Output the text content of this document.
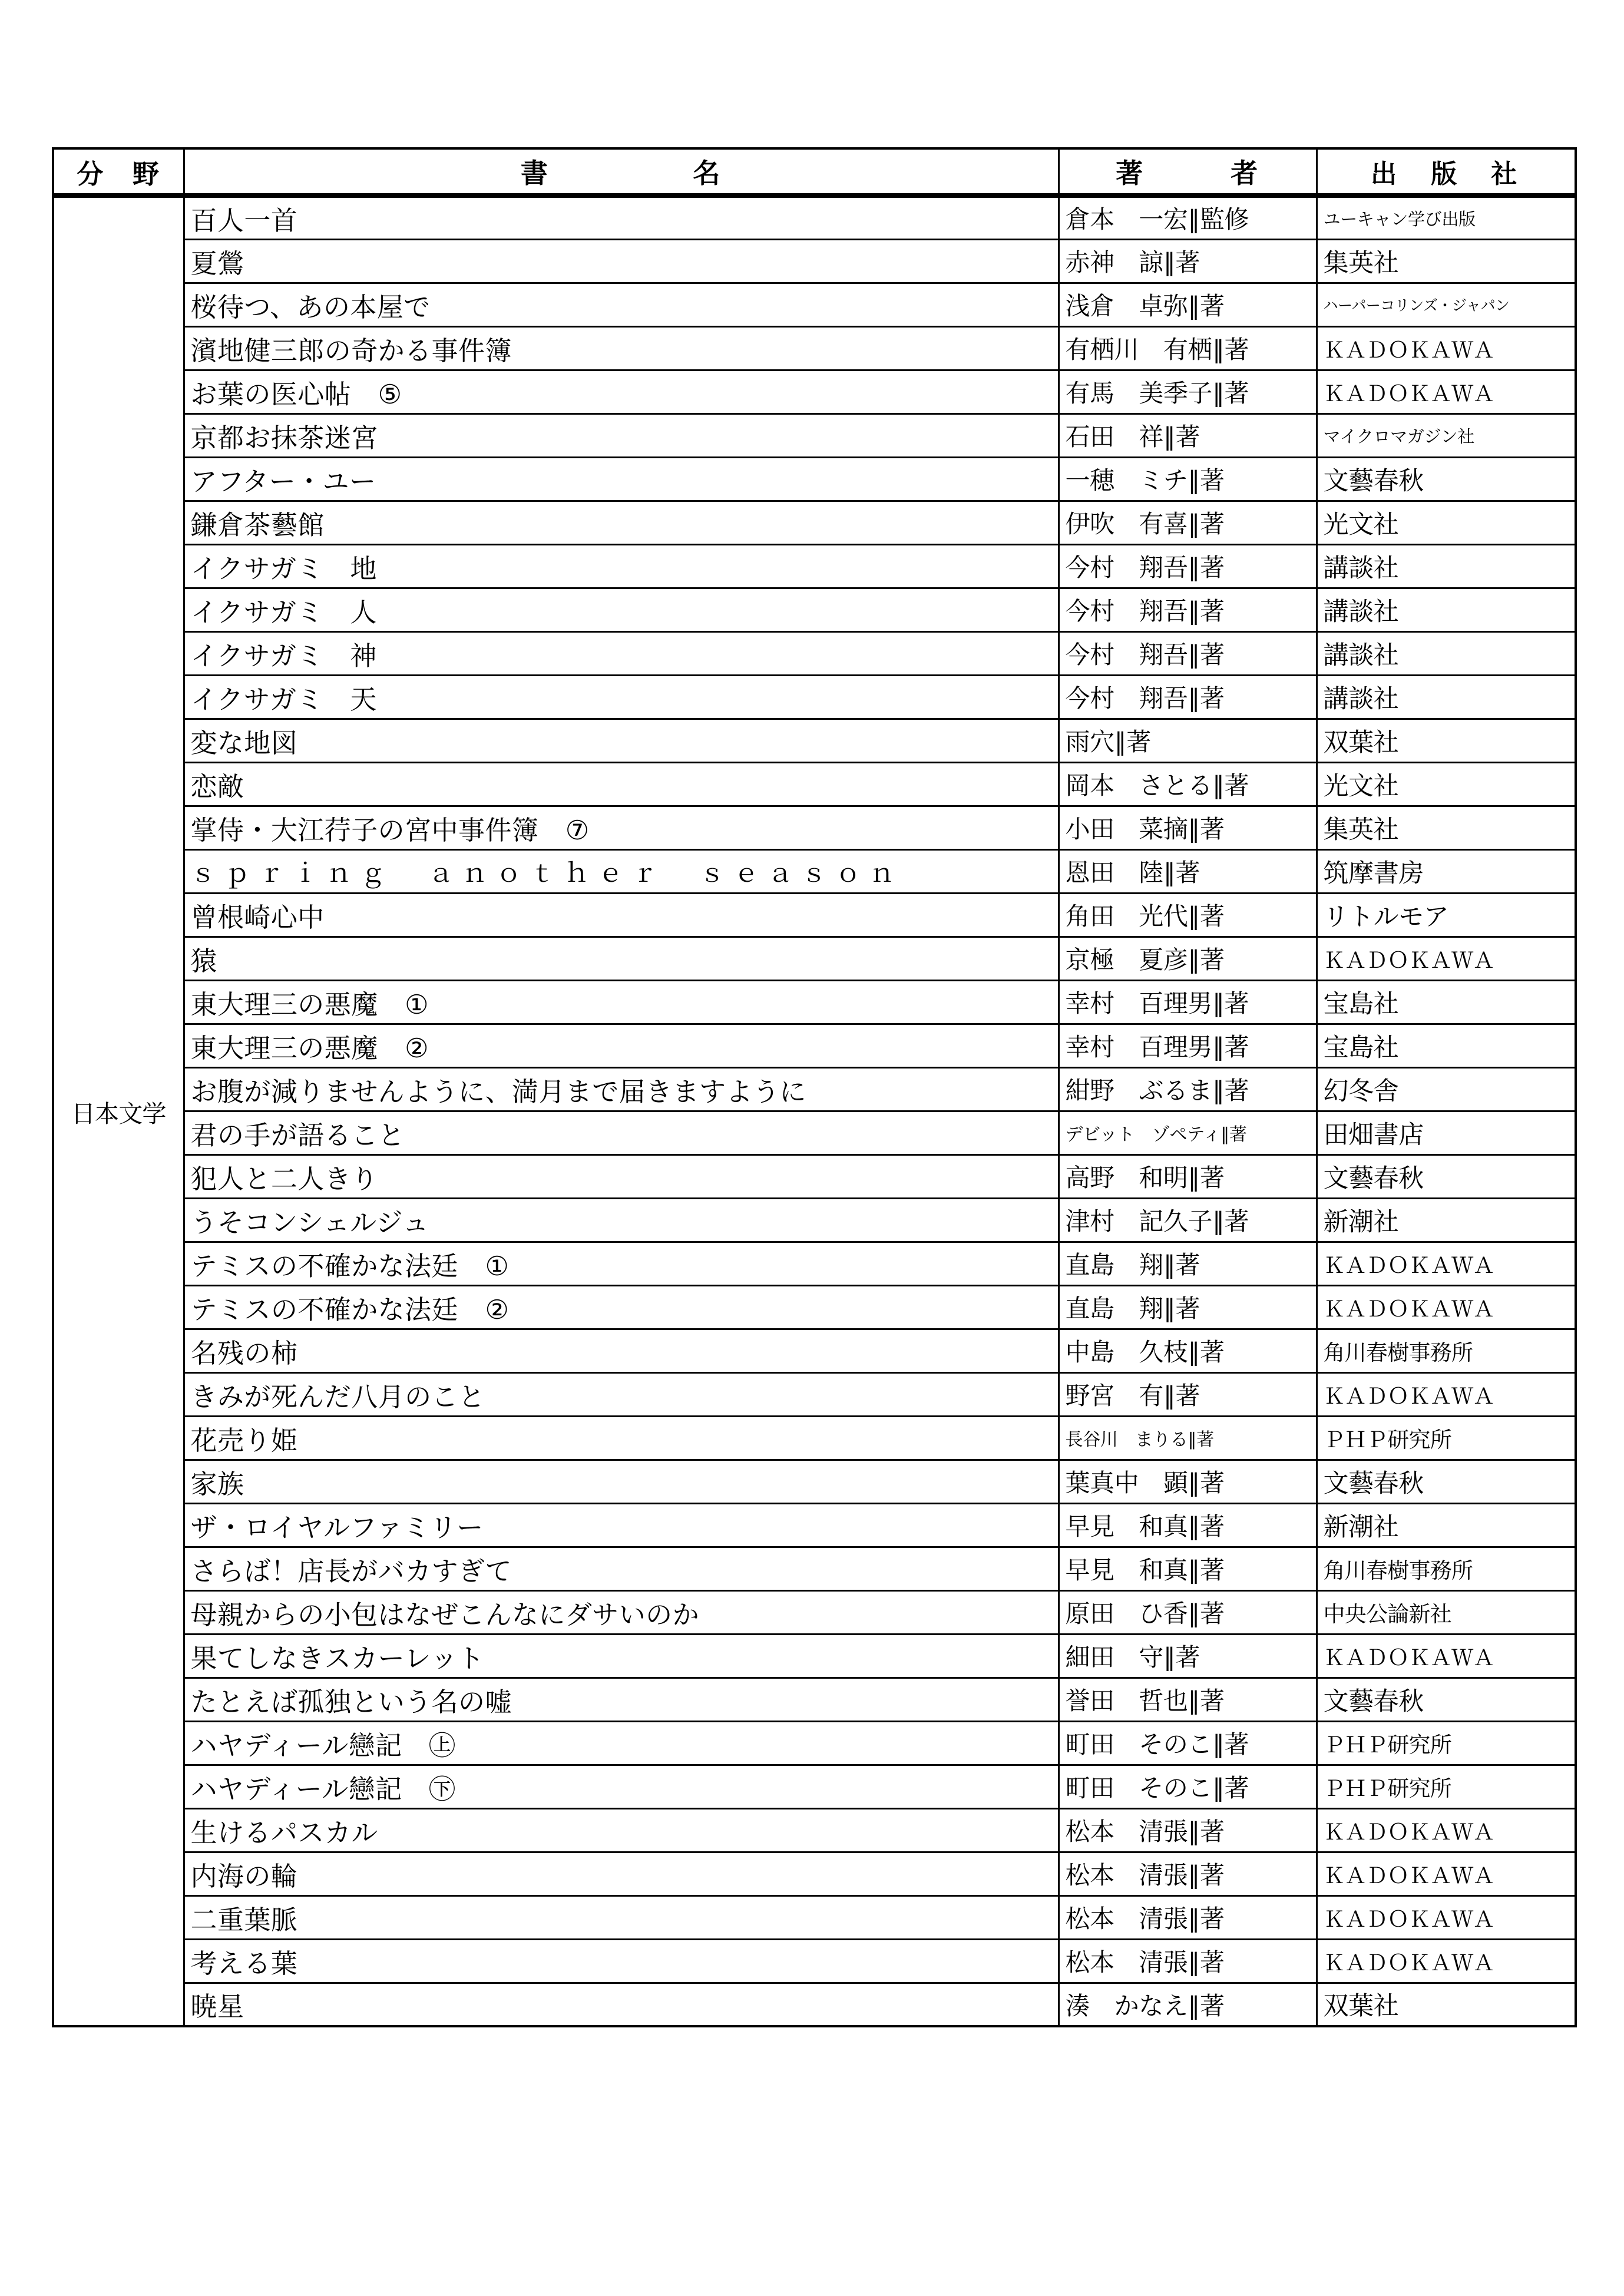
分　野	書　　　　　名	著　　　者	出　版　社
日本文学	百人一首	倉本　一宏∥監修	ユーキャン学び出版
	夏鶯	赤神　諒∥著	集英社
	桜待つ、あの本屋で	浅倉　卓弥∥著	ハーパーコリンズ・ジャパン
	濱地健三郎の奇かる事件簿	有栖川　有栖∥著	ＫＡＤＯＫＡＷＡ
	お葉の医心帖　⑤	有馬　美季子∥著	ＫＡＤＯＫＡＷＡ
	京都お抹茶迷宮	石田　祥∥著	マイクロマガジン社
	アフター・ユー	一穂　ミチ∥著	文藝春秋
	鎌倉茶藝館	伊吹　有喜∥著	光文社
	イクサガミ　地	今村　翔吾∥著	講談社
	イクサガミ　人	今村　翔吾∥著	講談社
	イクサガミ　神	今村　翔吾∥著	講談社
	イクサガミ　天	今村　翔吾∥著	講談社
	変な地図	雨穴∥著	双葉社
	恋敵	岡本　さとる∥著	光文社
	掌侍・大江荇子の宮中事件簿　⑦	小田　菜摘∥著	集英社
	ｓｐｒｉｎｇ　ａｎｏｔｈｅｒ　ｓｅａｓｏｎ	恩田　陸∥著	筑摩書房
	曾根崎心中	角田　光代∥著	リトルモア
	猿	京極　夏彦∥著	ＫＡＤＯＫＡＷＡ
	東大理三の悪魔　①	幸村　百理男∥著	宝島社
	東大理三の悪魔　②	幸村　百理男∥著	宝島社
	お腹が減りませんように、満月まで届きますように	紺野　ぶるま∥著	幻冬舎
	君の手が語ること	デビット　ゾペティ∥著	田畑書店
	犯人と二人きり	高野　和明∥著	文藝春秋
	うそコンシェルジュ	津村　記久子∥著	新潮社
	テミスの不確かな法廷　①	直島　翔∥著	ＫＡＤＯＫＡＷＡ
	テミスの不確かな法廷　②	直島　翔∥著	ＫＡＤＯＫＡＷＡ
	名残の柿	中島　久枝∥著	角川春樹事務所
	きみが死んだ八月のこと	野宮　有∥著	ＫＡＤＯＫＡＷＡ
	花売り姫	長谷川　まりる∥著	ＰＨＰ研究所
	家族	葉真中　顕∥著	文藝春秋
	ザ・ロイヤルファミリー	早見　和真∥著	新潮社
	さらば！店長がバカすぎて	早見　和真∥著	角川春樹事務所
	母親からの小包はなぜこんなにダサいのか	原田　ひ香∥著	中央公論新社
	果てしなきスカーレット	細田　守∥著	ＫＡＤＯＫＡＷＡ
	たとえば孤独という名の嘘	誉田　哲也∥著	文藝春秋
	ハヤディール戀記　㊤	町田　そのこ∥著	ＰＨＰ研究所
	ハヤディール戀記　㊦	町田　そのこ∥著	ＰＨＰ研究所
	生けるパスカル	松本　清張∥著	ＫＡＤＯＫＡＷＡ
	内海の輪	松本　清張∥著	ＫＡＤＯＫＡＷＡ
	二重葉脈	松本　清張∥著	ＫＡＤＯＫＡＷＡ
	考える葉	松本　清張∥著	ＫＡＤＯＫＡＷＡ
	暁星	湊　かなえ∥著	双葉社
